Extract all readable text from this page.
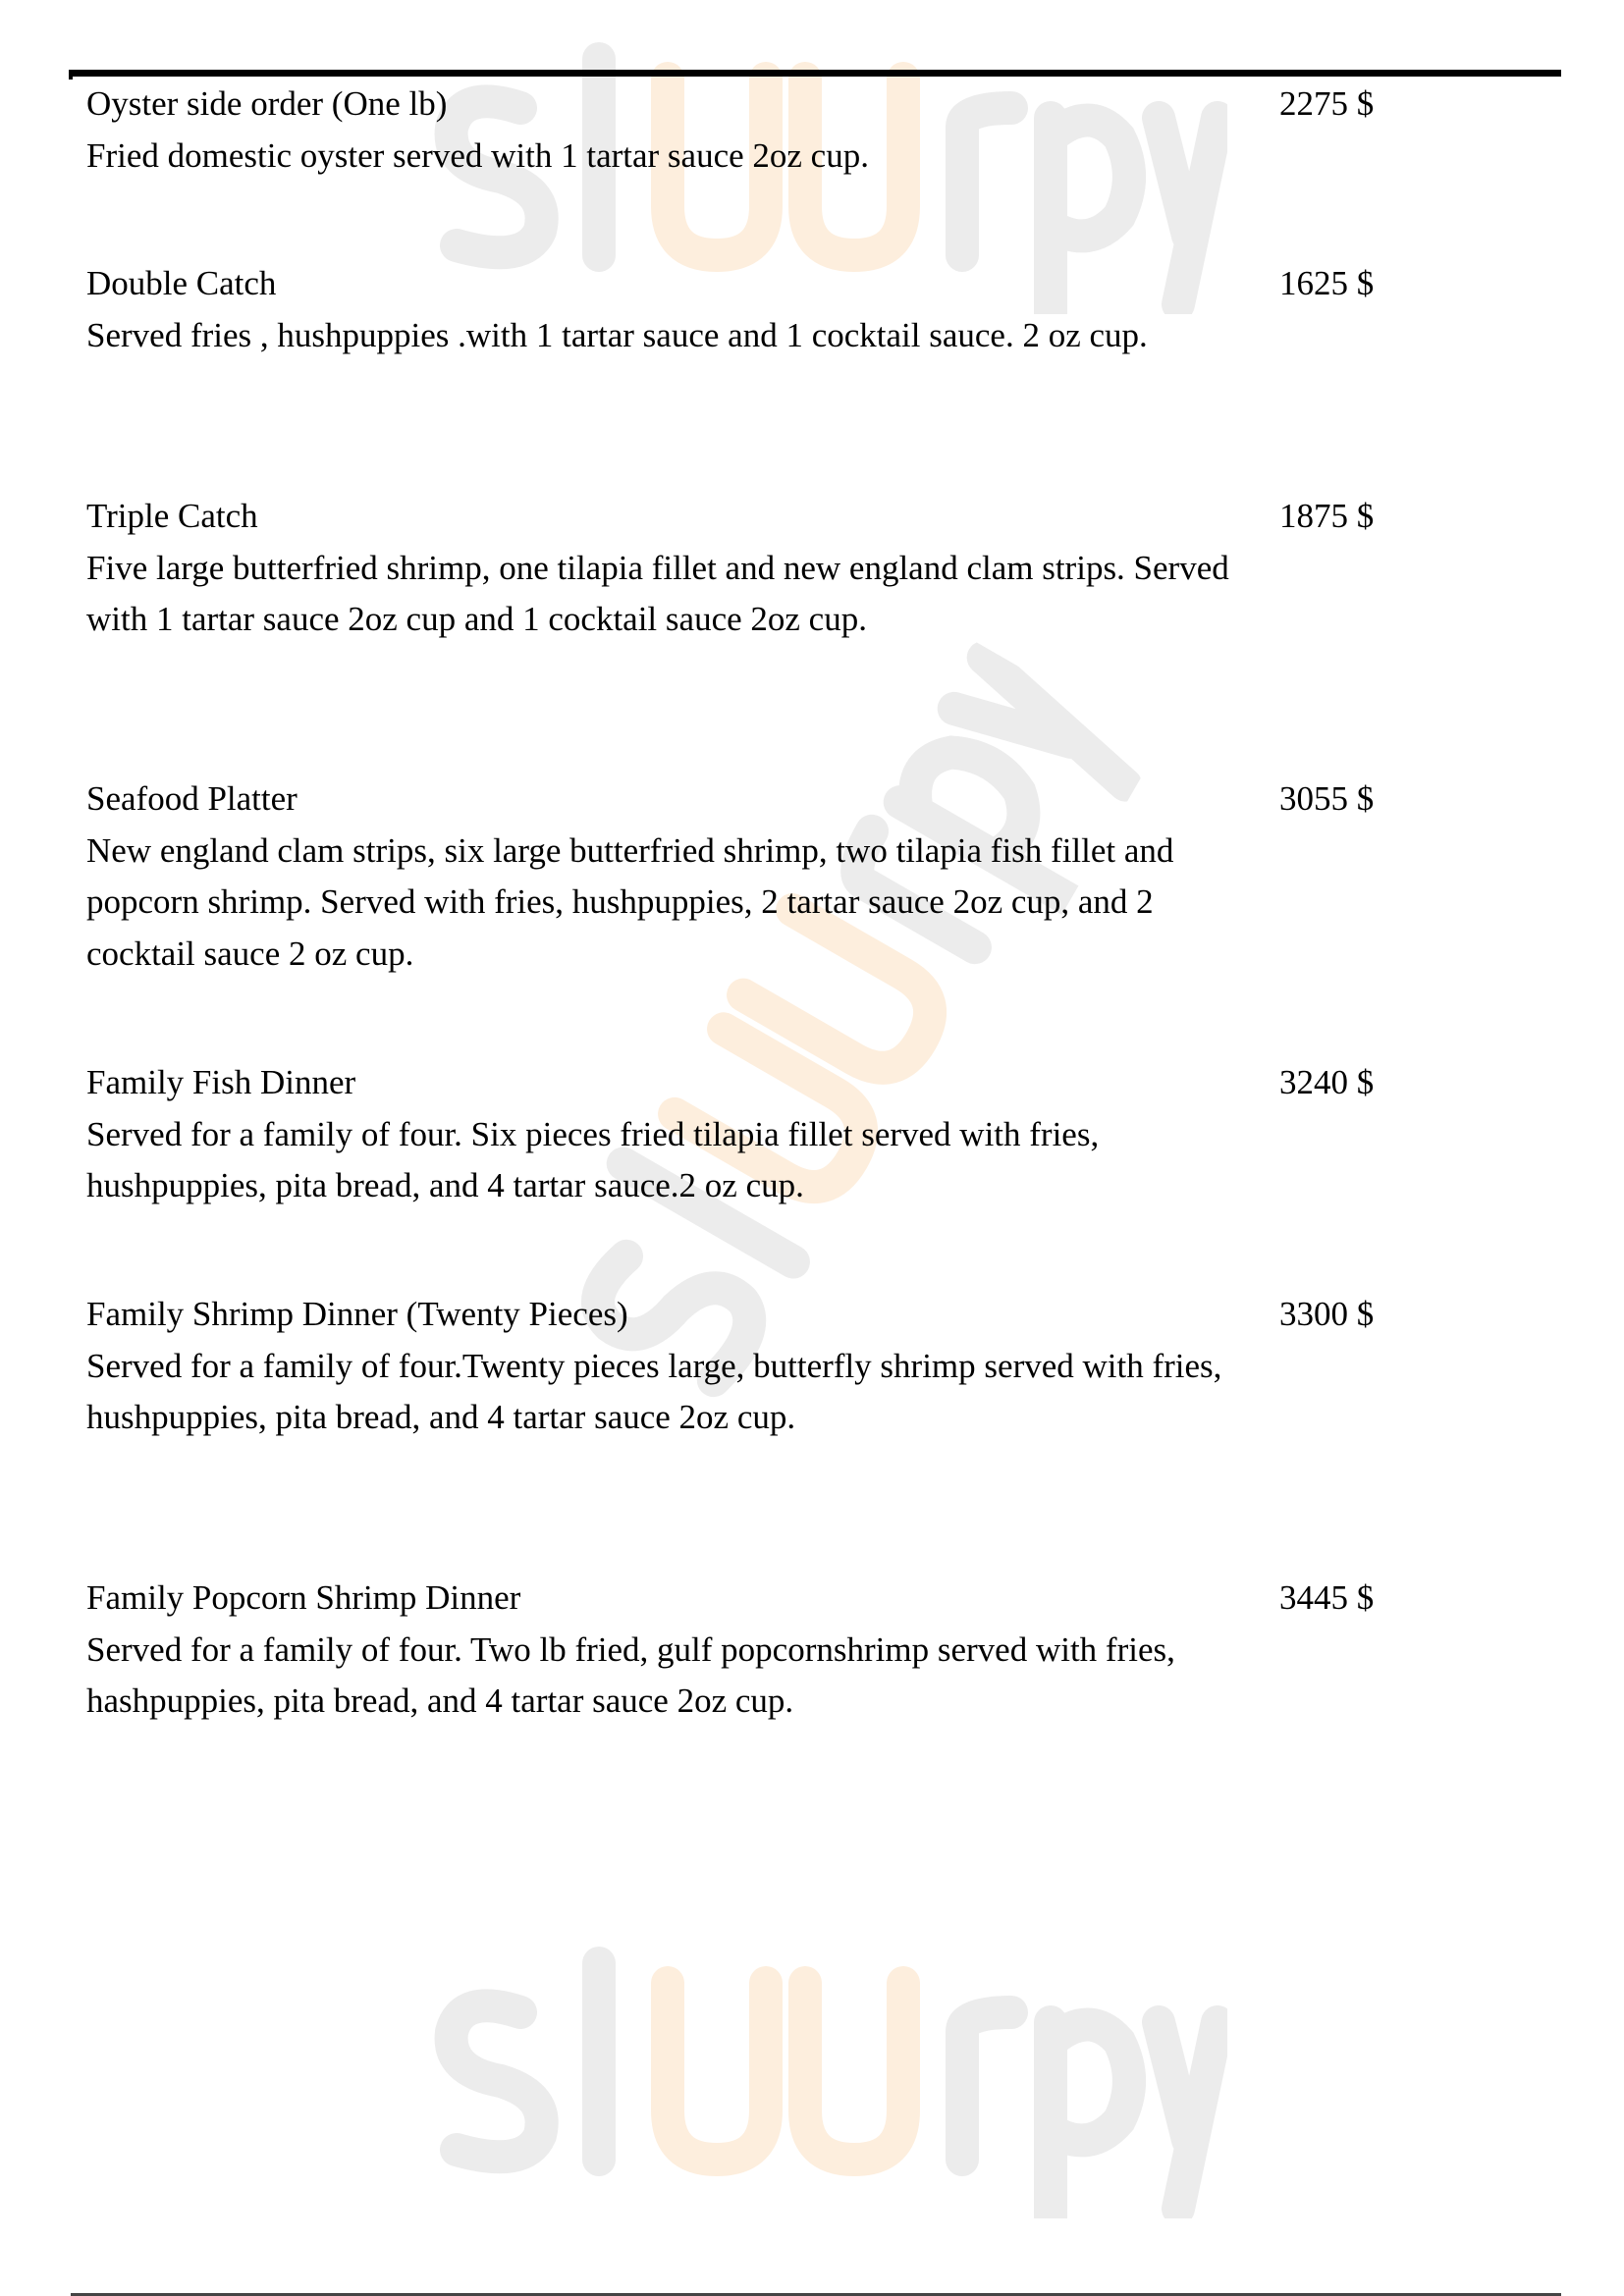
Oyster side order (One lb)
Fried domestic oyster served with 1 tartar sauce 2oz cup.
2275 $
Double Catch
Served fries , hushpuppies .with 1 tartar sauce and 1 cocktail sauce. 2 oz cup.
1625 $
Triple Catch
Five large butterfried shrimp, one tilapia fillet and new england clam strips. Served with 1 tartar sauce 2oz cup and 1 cocktail sauce 2oz cup.
1875 $
Seafood Platter
New england clam strips, six large butterfried shrimp, two tilapia fish fillet and popcorn shrimp. Served with fries, hushpuppies, 2 tartar sauce 2oz cup, and 2 cocktail sauce 2 oz cup.
3055 $
Family Fish Dinner
Served for a family of four. Six pieces fried tilapia fillet served with fries, hushpuppies, pita bread, and 4 tartar sauce.2 oz cup.
3240 $
Family Shrimp Dinner (Twenty Pieces)
Served for a family of four.Twenty pieces large, butterfly shrimp served with fries, hushpuppies, pita bread, and 4 tartar sauce 2oz cup.
3300 $
Family Popcorn Shrimp Dinner
Served for a family of four. Two lb fried, gulf popcornshrimp served with fries, hashpuppies, pita bread, and 4 tartar sauce 2oz cup.
3445 $
